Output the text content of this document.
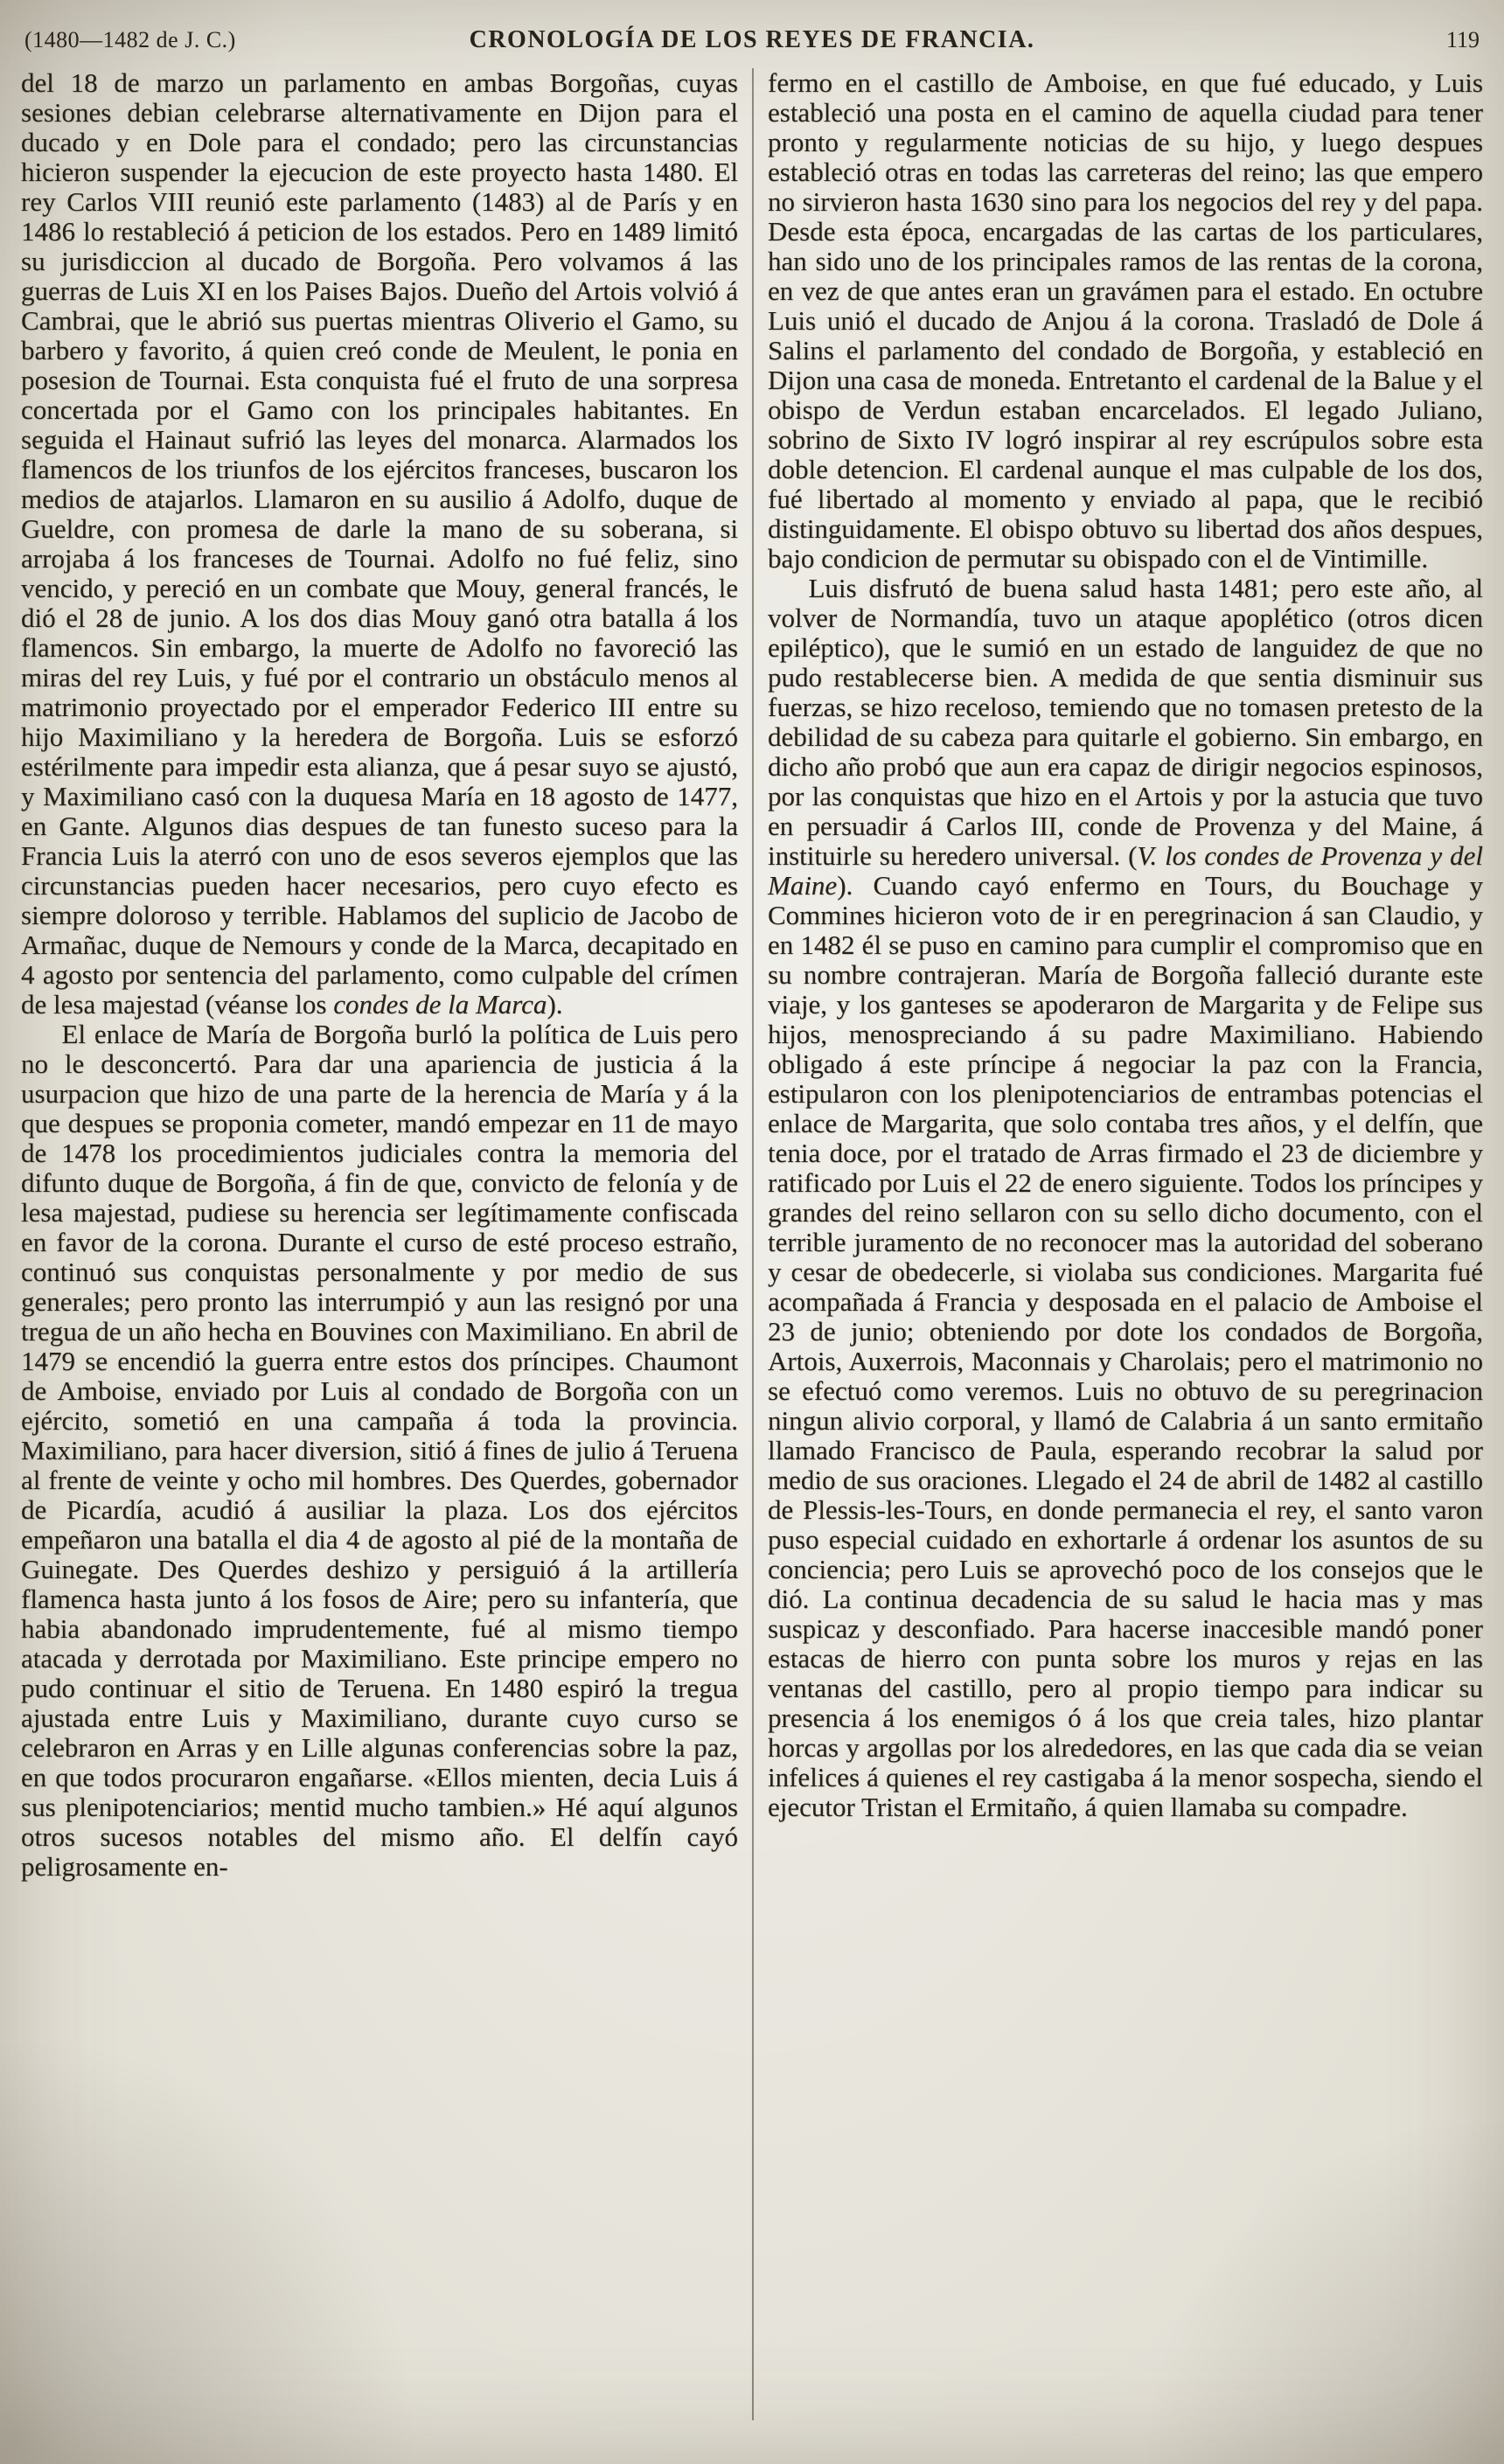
(1480—1482 de J. C.)	CRONOLOGÍA DE LOS REYES DE FRANCIA.	119

del 18 de marzo un parlamento en ambas Borgoñas, cuyas sesiones debian celebrarse alternativamente en Dijon para el ducado y en Dole para el condado; pero las circunstancias hicieron suspender la ejecucion de este proyecto hasta 1480. El rey Carlos VIII reunió este parlamento (1483) al de París y en 1486 lo restableció á peticion de los estados. Pero en 1489 limitó su jurisdiccion al ducado de Borgoña. Pero volvamos á las guerras de Luis XI en los Paises Bajos. Dueño del Artois volvió á Cambrai, que le abrió sus puertas mientras Oliverio el Gamo, su barbero y favorito, á quien creó conde de Meulent, le ponia en posesion de Tournai. Esta conquista fué el fruto de una sorpresa concertada por el Gamo con los principales habitantes. En seguida el Hainaut sufrió las leyes del monarca. Alarmados los flamencos de los triunfos de los ejércitos franceses, buscaron los medios de atajarlos. Llamaron en su ausilio á Adolfo, duque de Gueldre, con promesa de darle la mano de su soberana, si arrojaba á los franceses de Tournai. Adolfo no fué feliz, sino vencido, y pereció en un combate que Mouy, general francés, le dió el 28 de junio. A los dos dias Mouy ganó otra batalla á los flamencos. Sin embargo, la muerte de Adolfo no favoreció las miras del rey Luis, y fué por el contrario un obstáculo menos al matrimonio proyectado por el emperador Federico III entre su hijo Maximiliano y la heredera de Borgoña. Luis se esforzó estérilmente para impedir esta alianza, que á pesar suyo se ajustó, y Maximiliano casó con la duquesa María en 18 agosto de 1477, en Gante. Algunos dias despues de tan funesto suceso para la Francia Luis la aterró con uno de esos severos ejemplos que las circunstancias pueden hacer necesarios, pero cuyo efecto es siempre doloroso y terrible. Hablamos del suplicio de Jacobo de Armañac, duque de Nemours y conde de la Marca, decapitado en 4 agosto por sentencia del parlamento, como culpable del crímen de lesa majestad (véanse los condes de la Marca).

El enlace de María de Borgoña burló la política de Luis pero no le desconcertó. Para dar una apariencia de justicia á la usurpacion que hizo de una parte de la herencia de María y á la que despues se proponia cometer, mandó empezar en 11 de mayo de 1478 los procedimientos judiciales contra la memoria del difunto duque de Borgoña, á fin de que, convicto de felonía y de lesa majestad, pudiese su herencia ser legítimamente confiscada en favor de la corona. Durante el curso de esté proceso estraño, continuó sus conquistas personalmente y por medio de sus generales; pero pronto las interrumpió y aun las resignó por una tregua de un año hecha en Bouvines con Maximiliano. En abril de 1479 se encendió la guerra entre estos dos príncipes. Chaumont de Amboise, enviado por Luis al condado de Borgoña con un ejército, sometió en una campaña á toda la provincia. Maximiliano, para hacer diversion, sitió á fines de julio á Teruena al frente de veinte y ocho mil hombres. Des Querdes, gobernador de Picardía, acudió á ausiliar la plaza. Los dos ejércitos empeñaron una batalla el dia 4 de agosto al pié de la montaña de Guinegate. Des Querdes deshizo y persiguió á la artillería flamenca hasta junto á los fosos de Aire; pero su infantería, que habia abandonado imprudentemente, fué al mismo tiempo atacada y derrotada por Maximiliano. Este principe empero no pudo continuar el sitio de Teruena. En 1480 espiró la tregua ajustada entre Luis y Maximiliano, durante cuyo curso se celebraron en Arras y en Lille algunas conferencias sobre la paz, en que todos procuraron engañarse. «Ellos mienten, decia Luis á sus plenipotenciarios; mentid mucho tambien.» Hé aquí algunos otros sucesos notables del mismo año. El delfín cayó peligrosamente en-

fermo en el castillo de Amboise, en que fué educado, y Luis estableció una posta en el camino de aquella ciudad para tener pronto y regularmente noticias de su hijo, y luego despues estableció otras en todas las carreteras del reino; las que empero no sirvieron hasta 1630 sino para los negocios del rey y del papa. Desde esta época, encargadas de las cartas de los particulares, han sido uno de los principales ramos de las rentas de la corona, en vez de que antes eran un gravámen para el estado. En octubre Luis unió el ducado de Anjou á la corona. Trasladó de Dole á Salins el parlamento del condado de Borgoña, y estableció en Dijon una casa de moneda. Entretanto el cardenal de la Balue y el obispo de Verdun estaban encarcelados. El legado Juliano, sobrino de Sixto IV logró inspirar al rey escrúpulos sobre esta doble detencion. El cardenal aunque el mas culpable de los dos, fué libertado al momento y enviado al papa, que le recibió distinguidamente. El obispo obtuvo su libertad dos años despues, bajo condicion de permutar su obispado con el de Vintimille.

Luis disfrutó de buena salud hasta 1481; pero este año, al volver de Normandía, tuvo un ataque apoplético (otros dicen epiléptico), que le sumió en un estado de languidez de que no pudo restablecerse bien. A medida de que sentia disminuir sus fuerzas, se hizo receloso, temiendo que no tomasen pretesto de la debilidad de su cabeza para quitarle el gobierno. Sin embargo, en dicho año probó que aun era capaz de dirigir negocios espinosos, por las conquistas que hizo en el Artois y por la astucia que tuvo en persuadir á Carlos III, conde de Provenza y del Maine, á instituirle su heredero universal. (V. los condes de Provenza y del Maine). Cuando cayó enfermo en Tours, du Bouchage y Commines hicieron voto de ir en peregrinacion á san Claudio, y en 1482 él se puso en camino para cumplir el compromiso que en su nombre contrajeran. María de Borgoña falleció durante este viaje, y los ganteses se apoderaron de Margarita y de Felipe sus hijos, menospreciando á su padre Maximiliano. Habiendo obligado á este príncipe á negociar la paz con la Francia, estipularon con los plenipotenciarios de entrambas potencias el enlace de Margarita, que solo contaba tres años, y el delfín, que tenia doce, por el tratado de Arras firmado el 23 de diciembre y ratificado por Luis el 22 de enero siguiente. Todos los príncipes y grandes del reino sellaron con su sello dicho documento, con el terrible juramento de no reconocer mas la autoridad del soberano y cesar de obedecerle, si violaba sus condiciones. Margarita fué acompañada á Francia y desposada en el palacio de Amboise el 23 de junio; obteniendo por dote los condados de Borgoña, Artois, Auxerrois, Maconnais y Charolais; pero el matrimonio no se efectuó como veremos. Luis no obtuvo de su peregrinacion ningun alivio corporal, y llamó de Calabria á un santo ermitaño llamado Francisco de Paula, esperando recobrar la salud por medio de sus oraciones. Llegado el 24 de abril de 1482 al castillo de Plessis-les-Tours, en donde permanecia el rey, el santo varon puso especial cuidado en exhortarle á ordenar los asuntos de su conciencia; pero Luis se aprovechó poco de los consejos que le dió. La continua decadencia de su salud le hacia mas y mas suspicaz y desconfiado. Para hacerse inaccesible mandó poner estacas de hierro con punta sobre los muros y rejas en las ventanas del castillo, pero al propio tiempo para indicar su presencia á los enemigos ó á los que creia tales, hizo plantar horcas y argollas por los alrededores, en las que cada dia se veian infelices á quienes el rey castigaba á la menor sospecha, siendo el ejecutor Tristan el Ermitaño, á quien llamaba su compadre.
